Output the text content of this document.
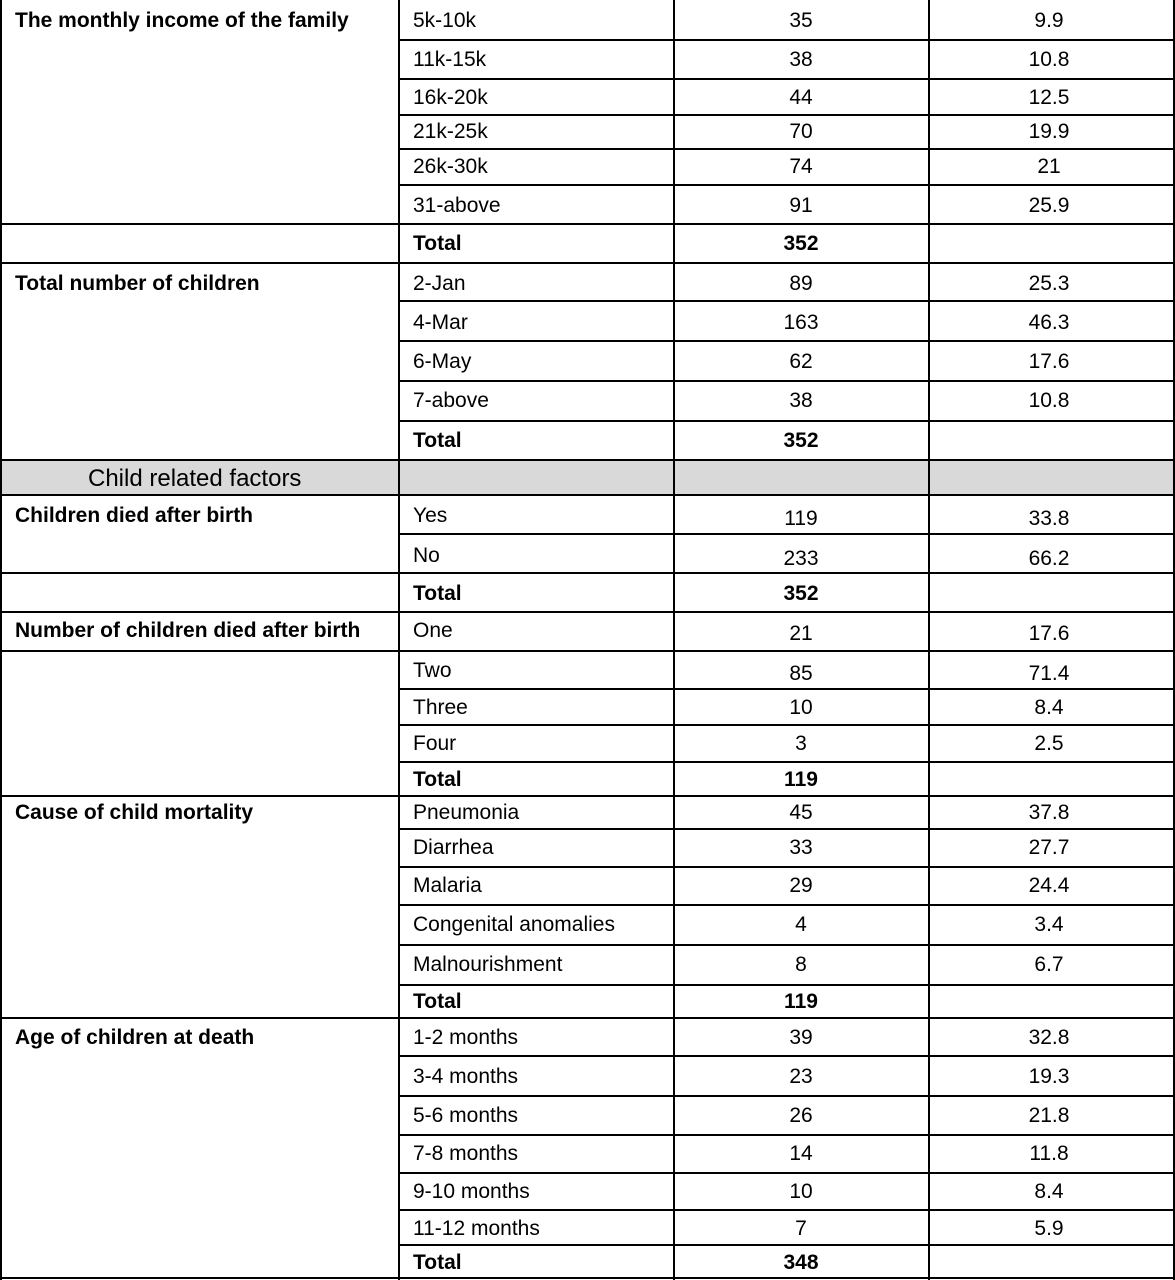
Child related factors
The monthly income of the family	5k-10k	35	9.9
11k-15k	38	10.8
16k-20k	44	12.5
21k-25k	70	19.9
26k-30k	74	21
31-above	91	25.9
Total	352
Total number of children	2-Jan	89	25.3
4-Mar	163	46.3
6-May	62	17.6
7-above	38	10.8
Total	352
Children died after birth	Yes	119	33.8
No	233	66.2
Total	352
Number of children died after birth	One	21	17.6
Two	85	71.4
Three	10	8.4
Four	3	2.5
Total	119
Cause of child mortality	Pneumonia	45	37.8
Diarrhea	33	27.7
Malaria	29	24.4
Congenital anomalies	4	3.4
Malnourishment	8	6.7
Total	119
Age of children at death	1-2 months	39	32.8
3-4 months	23	19.3
5-6 months	26	21.8
7-8 months	14	11.8
9-10 months	10	8.4
11-12 months	7	5.9
Total	348
